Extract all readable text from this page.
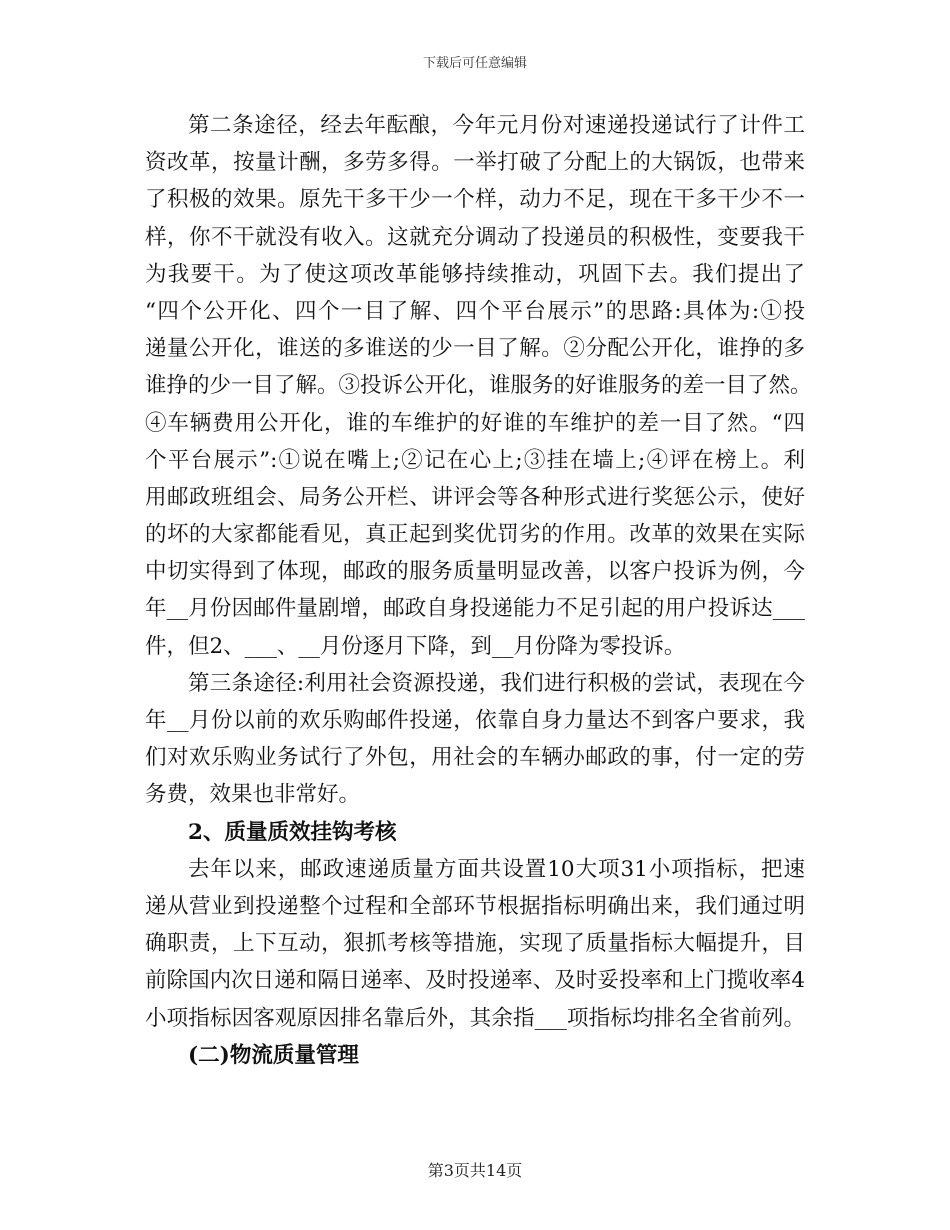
下载后可任意编辑
第二条途径，经去年酝酿，今年元月份对速递投递试行了计件工
资改革，按量计酬，多劳多得。一举打破了分配上的大锅饭，也带来
了积极的效果。原先干多干少一个样，动力不足，现在干多干少不一
样，你不干就没有收入。这就充分调动了投递员的积极性，变要我干
为我要干。为了使这项改革能够持续推动，巩固下去。我们提出了
“四个公开化、四个一目了解、四个平台展示”的思路:具体为:①投
递量公开化，谁送的多谁送的少一目了解。②分配公开化，谁挣的多
谁挣的少一目了解。③投诉公开化，谁服务的好谁服务的差一目了然。
④车辆费用公开化，谁的车维护的好谁的车维护的差一目了然。“四
个平台展示”:①说在嘴上;②记在心上;③挂在墙上;④评在榜上。利
用邮政班组会、局务公开栏、讲评会等各种形式进行奖惩公示，使好
的坏的大家都能看见，真正起到奖优罚劣的作用。改革的效果在实际
中切实得到了体现，邮政的服务质量明显改善，以客户投诉为例，今
年__月份因邮件量剧增，邮政自身投递能力不足引起的用户投诉达___
件，但2、___、__月份逐月下降，到__月份降为零投诉。
第三条途径:利用社会资源投递，我们进行积极的尝试，表现在今
年__月份以前的欢乐购邮件投递，依靠自身力量达不到客户要求，我
们对欢乐购业务试行了外包，用社会的车辆办邮政的事，付一定的劳
务费，效果也非常好。
2、质量质效挂钩考核
去年以来，邮政速递质量方面共设置10大项31小项指标，把速
递从营业到投递整个过程和全部环节根据指标明确出来，我们通过明
确职责，上下互动，狠抓考核等措施，实现了质量指标大幅提升，目
前除国内次日递和隔日递率、及时投递率、及时妥投率和上门揽收率4
小项指标因客观原因排名靠后外，其余指___项指标均排名全省前列。
(二)物流质量管理
第3页共14页
